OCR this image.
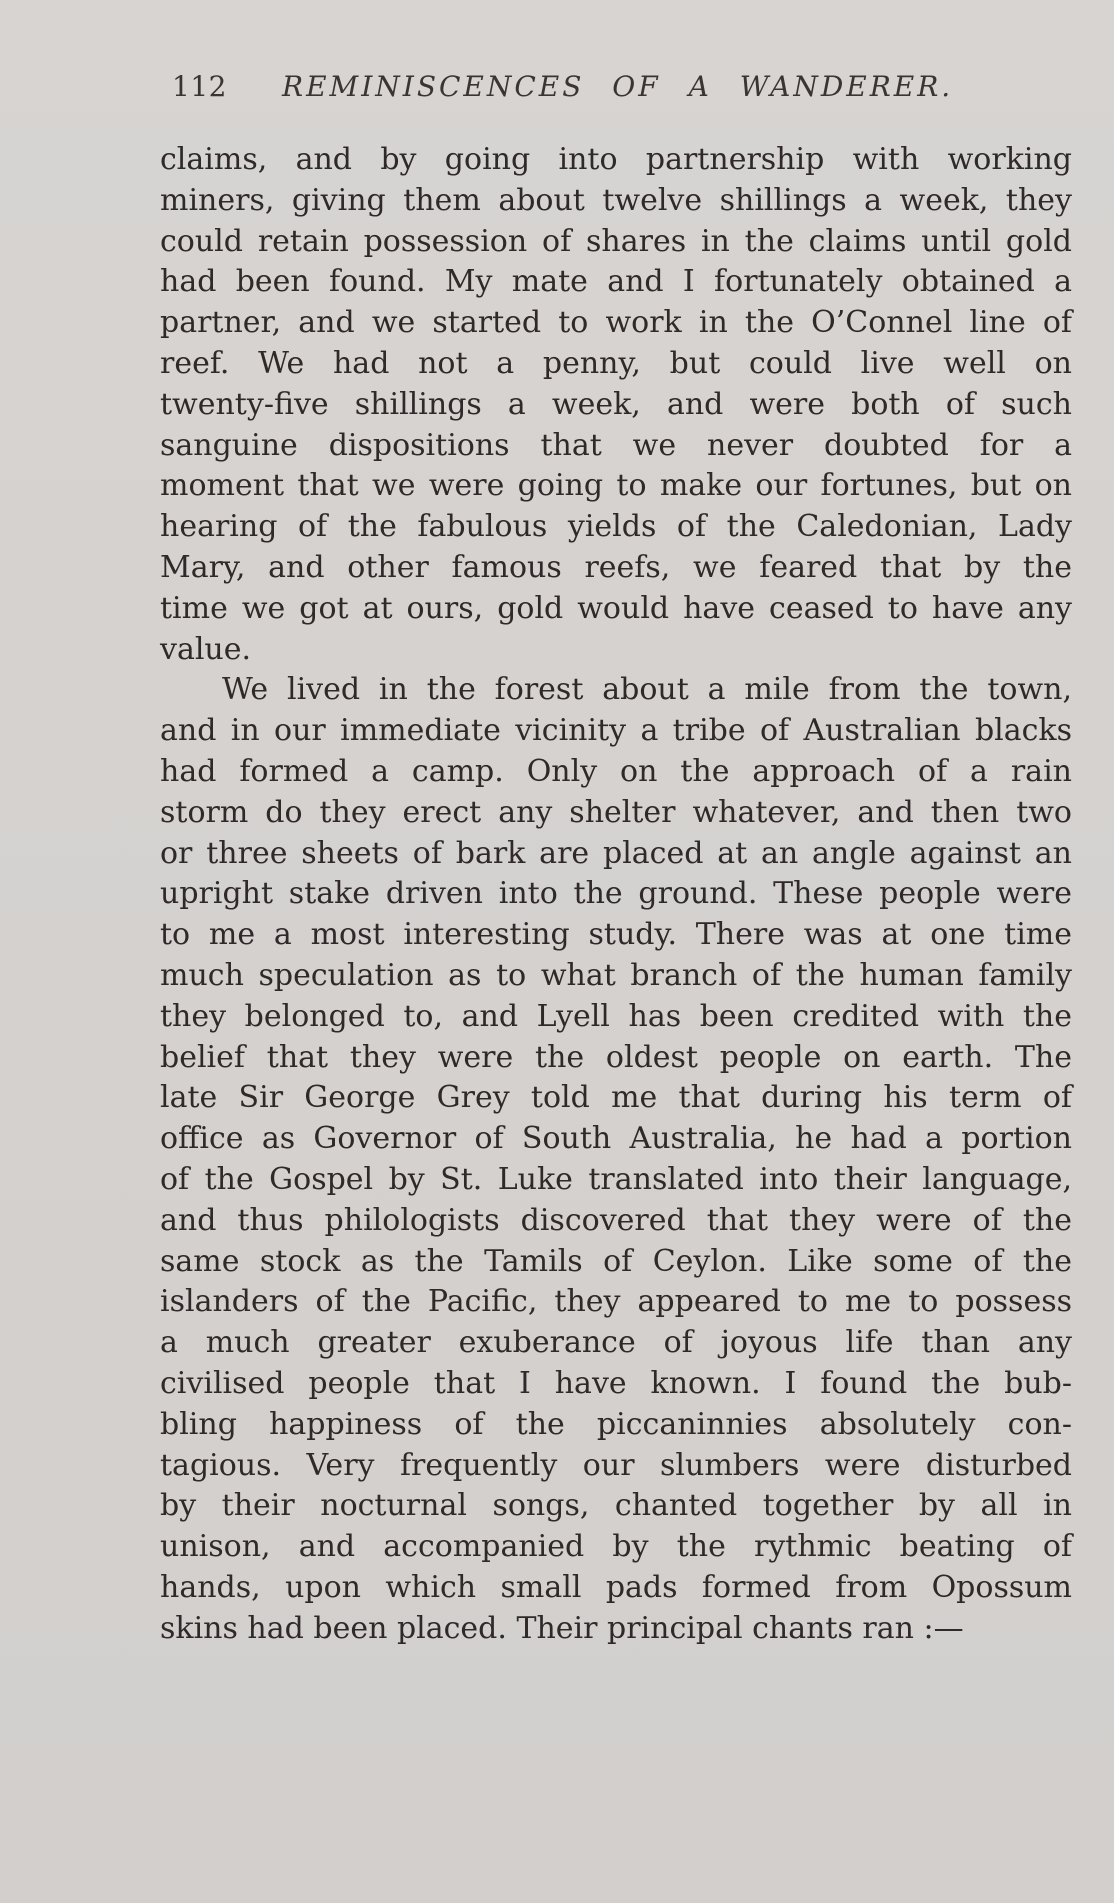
112	REMINISCENCES OF A WANDERER.
claims, and by going into partnership with working
miners, giving them about twelve shillings a week, they
could retain possession of shares in the claims until gold
had been found. My mate and I fortunately obtained a
partner, and we started to work in the O’Connel line of
reef. We had not a penny, but could live well on
twenty-five shillings a week, and were both of such
sanguine dispositions that we never doubted for a
moment that we were going to make our fortunes, but on
hearing of the fabulous yields of the Caledonian, Lady
Mary, and other famous reefs, we feared that by the
time we got at ours, gold would have ceased to have any
value.
We lived in the forest about a mile from the town,
and in our immediate vicinity a tribe of Australian blacks
had formed a camp. Only on the approach of a rain
storm do they erect any shelter whatever, and then two
or three sheets of bark are placed at an angle against an
upright stake driven into the ground. These people were
to me a most interesting study. There was at one time
much speculation as to what branch of the human family
they belonged to, and Lyell has been credited with the
belief that they were the oldest people on earth. The
late Sir George Grey told me that during his term of
office as Governor of South Australia, he had a portion
of the Gospel by St. Luke translated into their language,
and thus philologists discovered that they were of the
same stock as the Tamils of Ceylon. Like some of the
islanders of the Pacific, they appeared to me to possess
a much greater exuberance of joyous life than any
civilised people that I have known. I found the bub-
bling happiness of the piccaninnies absolutely con-
tagious. Very frequently our slumbers were disturbed
by their nocturnal songs, chanted together by all in
unison, and accompanied by the rythmic beating of
hands, upon which small pads formed from Opossum
skins had been placed. Their principal chants ran :—
